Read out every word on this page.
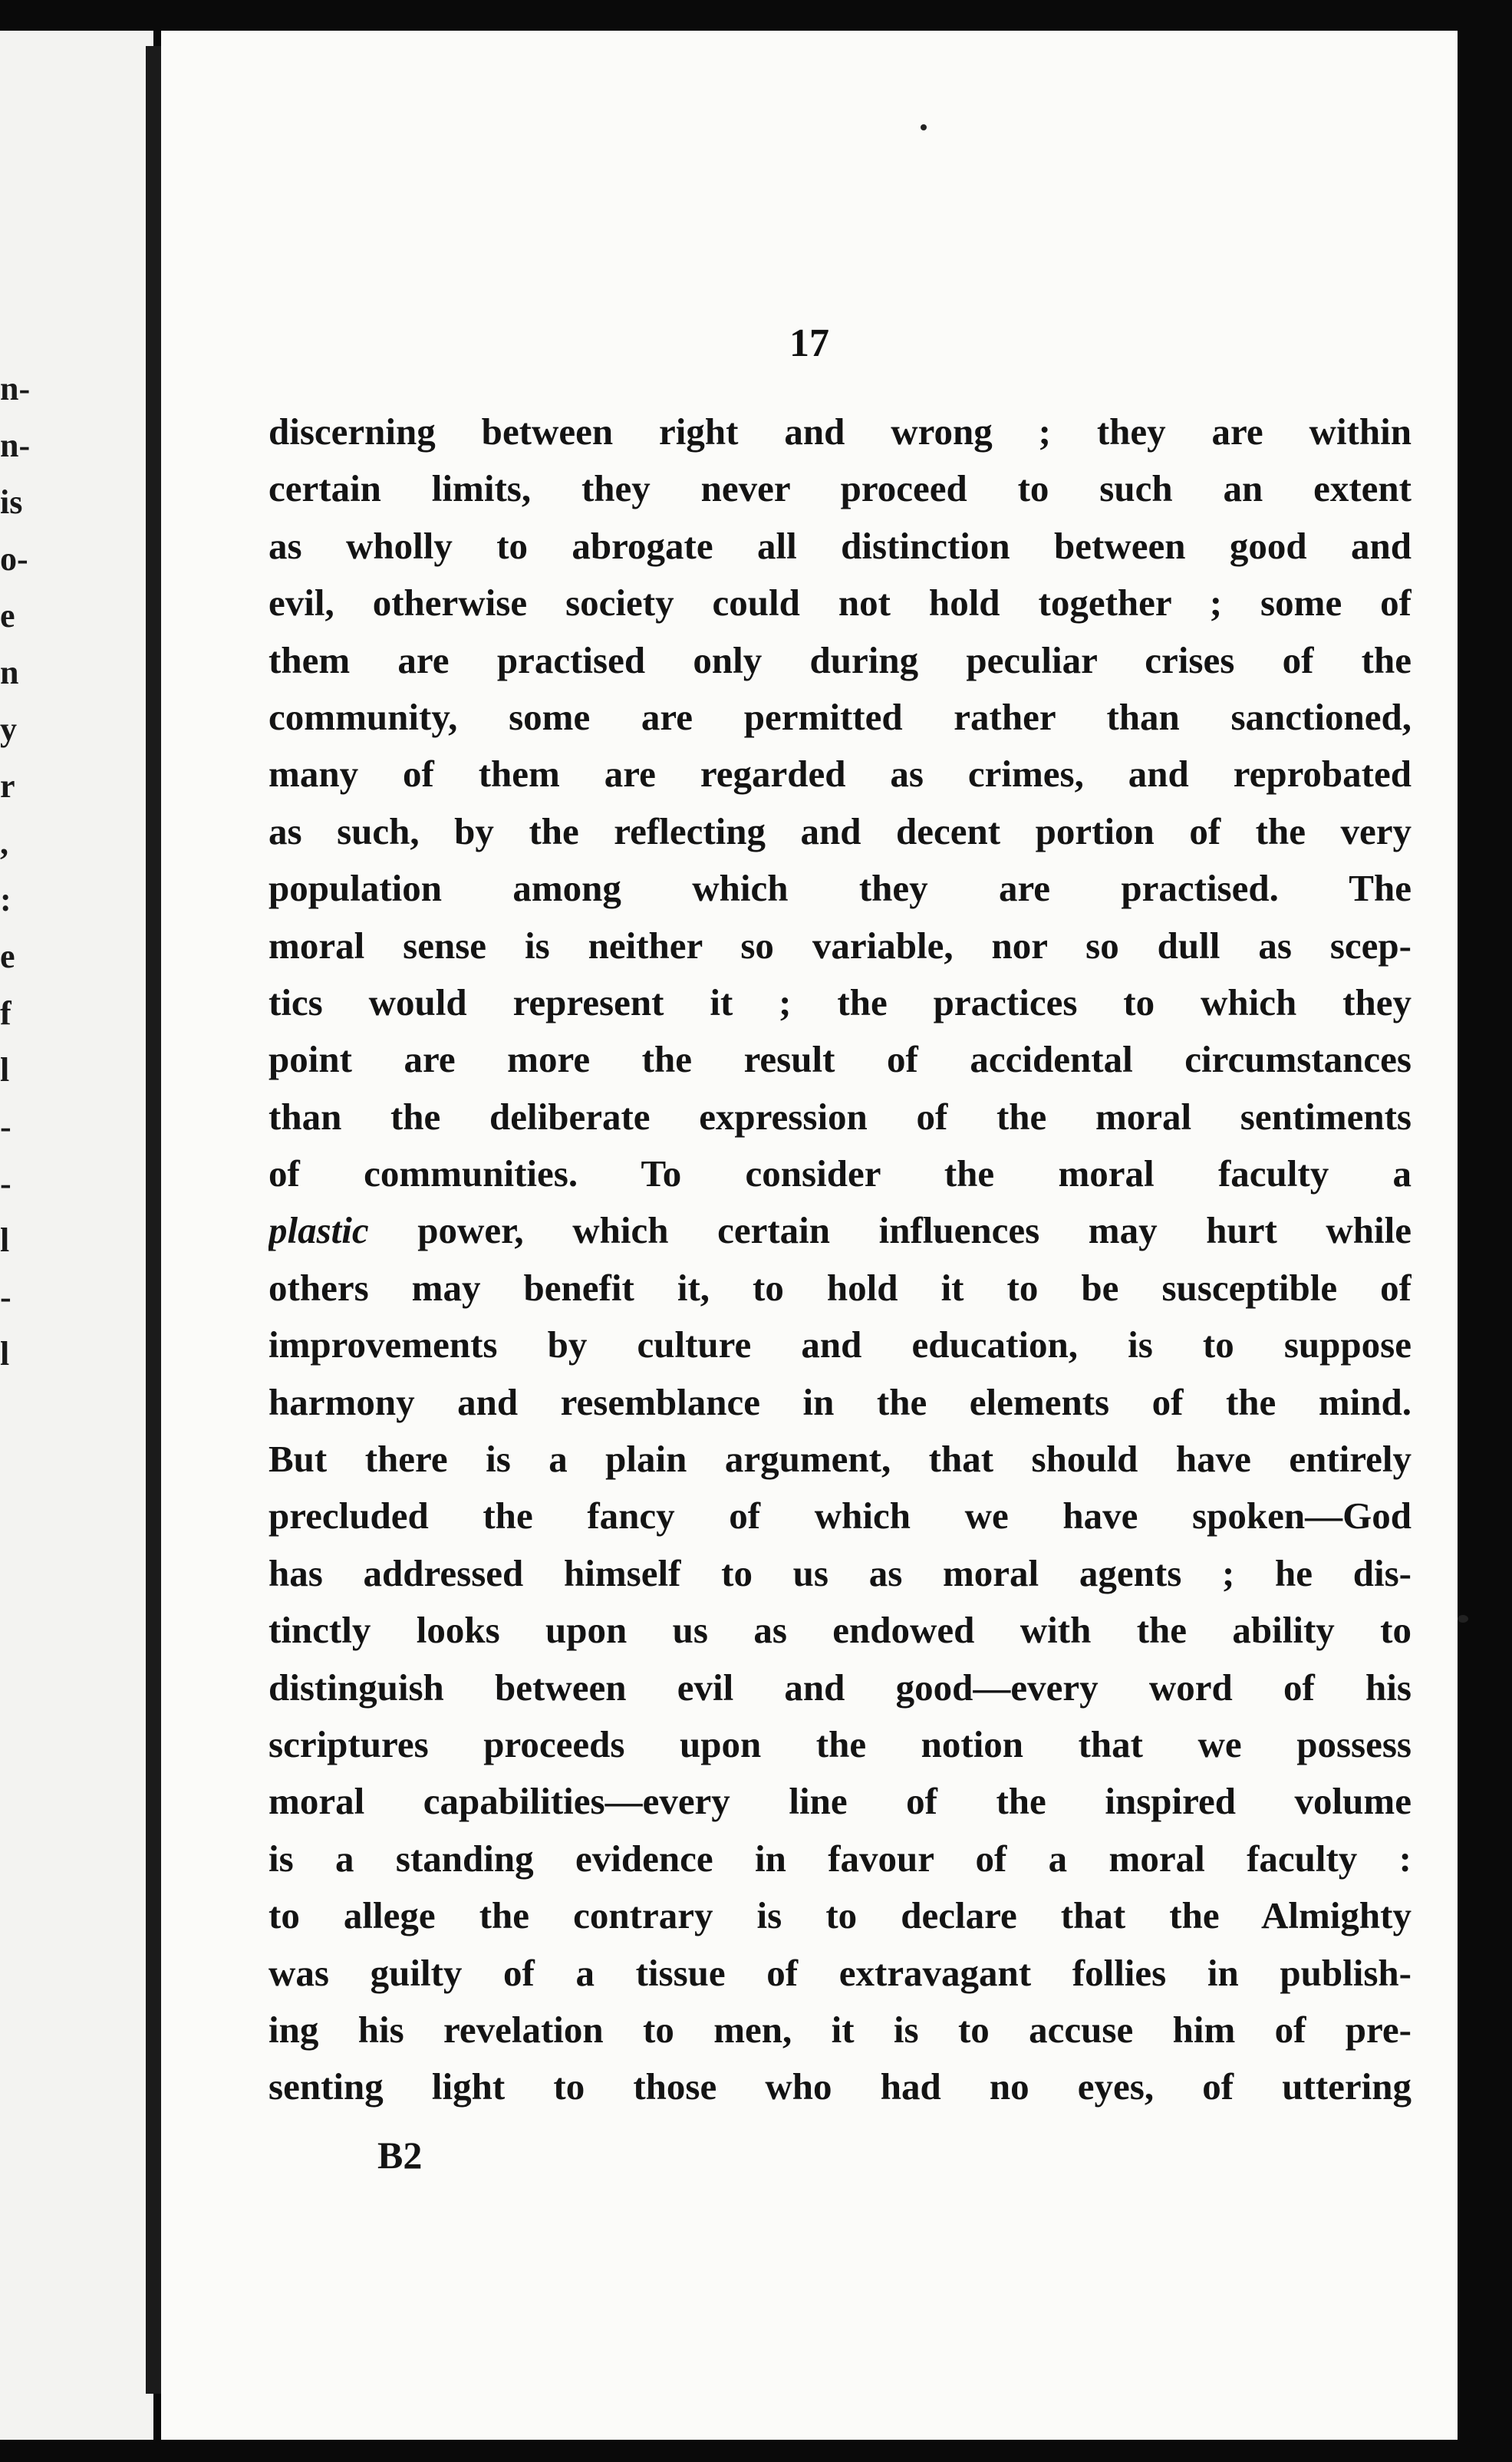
n-
n-
is
o-
e
n
y
r
,
:
e
f
l
-
-
l
-
l
17
discerning between right and wrong ; they are within
certain limits, they never proceed to such an extent
as wholly to abrogate all distinction between good and
evil, otherwise society could not hold together ; some of
them are practised only during peculiar crises of the
community, some are permitted rather than sanctioned,
many of them are regarded as crimes, and reprobated
as such, by the reflecting and decent portion of the very
population among which they are practised. The
moral sense is neither so variable, nor so dull as scep-
tics would represent it ; the practices to which they
point are more the result of accidental circumstances
than the deliberate expression of the moral sentiments
of communities. To consider the moral faculty a
plastic power, which certain influences may hurt while
others may benefit it, to hold it to be susceptible of
improvements by culture and education, is to suppose
harmony and resemblance in the elements of the mind.
But there is a plain argument, that should have entirely
precluded the fancy of which we have spoken—God
has addressed himself to us as moral agents ; he dis-
tinctly looks upon us as endowed with the ability to
distinguish between evil and good—every word of his
scriptures proceeds upon the notion that we possess
moral capabilities—every line of the inspired volume
is a standing evidence in favour of a moral faculty :
to allege the contrary is to declare that the Almighty
was guilty of a tissue of extravagant follies in publish-
ing his revelation to men, it is to accuse him of pre-
senting light to those who had no eyes, of uttering
B2
